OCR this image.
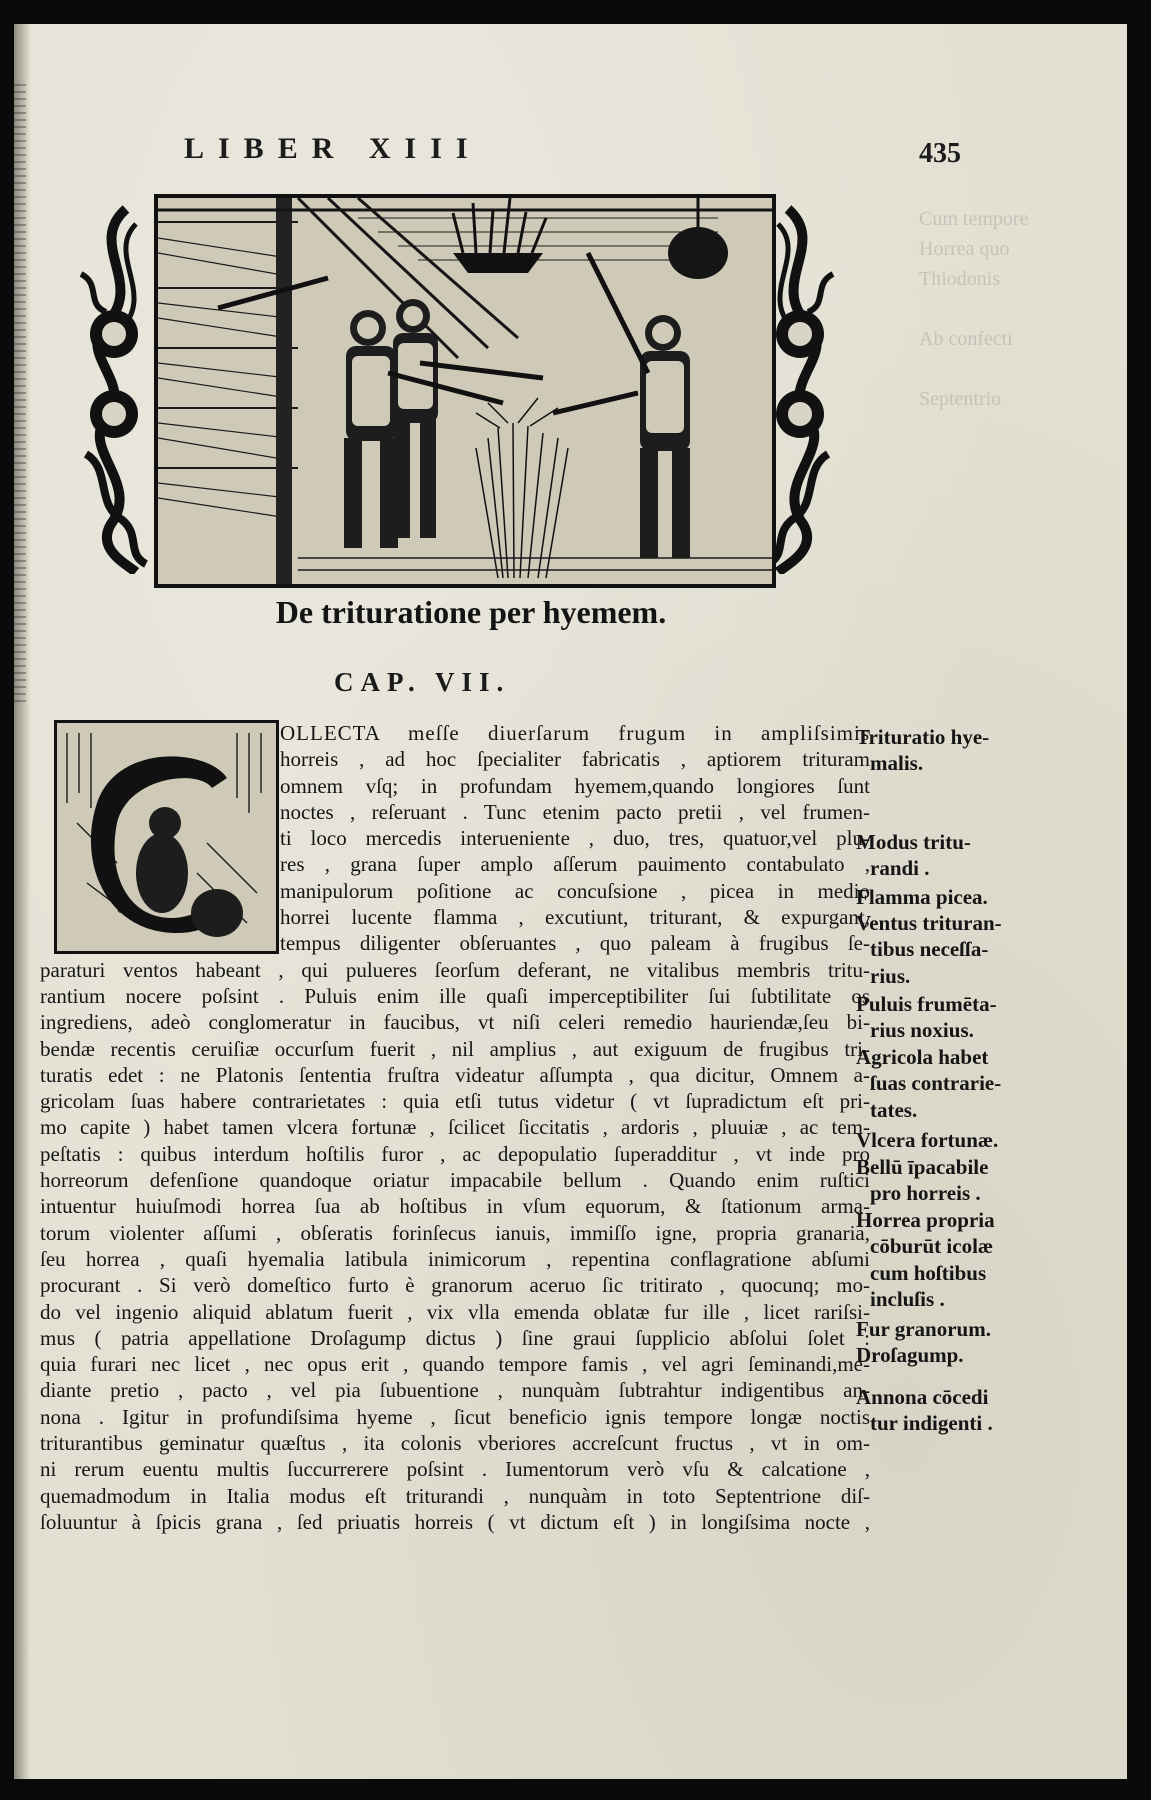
LIBER XIII	435
Cum tempore
Horrea quo
Thiodonis

Ab confecti

Septentrio
De trituratione per hyemem.
CAP. VII.
C
OLLECTA meſſe diuerſarum frugum in ampliſsimis
horreis , ad hoc ſpecialiter fabricatis , aptiorem trituram
omnem vſq; in profundam hyemem,quando longiores ſunt
noctes , reſeruant . Tunc etenim pacto pretii , vel frumen-
ti loco mercedis interueniente , duo, tres, quatuor,vel plu-
res , grana ſuper amplo aſſerum pauimento contabulato ,
manipulorum poſitione ac concuſsione , picea in medio
horrei lucente flamma , excutiunt, triturant, & expurgant,
tempus diligenter obſeruantes , quo paleam à frugibus ſe-
paraturi ventos habeant , qui pulueres ſeorſum deferant, ne vitalibus membris tritu-
rantium nocere poſsint . Puluis enim ille quaſi imperceptibiliter ſui ſubtilitate os
ingrediens, adeò conglomeratur in faucibus, vt niſi celeri remedio hauriendæ,ſeu bi-
bendæ recentis ceruiſiæ occurſum fuerit , nil amplius , aut exiguum de frugibus tri-
turatis edet : ne Platonis ſententia fruſtra videatur aſſumpta , qua dicitur, Omnem a-
gricolam ſuas habere contrarietates : quia etſi tutus videtur ( vt ſupradictum eſt pri-
mo capite ) habet tamen vlcera fortunæ , ſcilicet ſiccitatis , ardoris , pluuiæ , ac tem-
peſtatis : quibus interdum hoſtilis furor , ac depopulatio ſuperadditur , vt inde pro
horreorum defenſione quandoque oriatur impacabile bellum . Quando enim ruſtici
intuentur huiuſmodi horrea ſua ab hoſtibus in vſum equorum, & ſtationum arma-
torum violenter aſſumi , obſeratis forinſecus ianuis, immiſſo igne, propria granaria,
ſeu horrea , quaſi hyemalia latibula inimicorum , repentina conflagratione abſumi
procurant . Si verò domeſtico furto è granorum aceruo ſic tritirato , quocunq; mo-
do vel ingenio aliquid ablatum fuerit , vix vlla emenda oblatæ fur ille , licet rariſsi-
mus ( patria appellatione Droſagump dictus ) ſine graui ſupplicio abſolui ſolet :
quia furari nec licet , nec opus erit , quando tempore famis , vel agri ſeminandi,me-
diante pretio , pacto , vel pia ſubuentione , nunquàm ſubtrahtur indigentibus an-
nona . Igitur in profundiſsima hyeme , ſicut beneficio ignis tempore longæ noctis
triturantibus geminatur quæſtus , ita colonis vberiores accreſcunt fructus , vt in om-
ni rerum euentu multis ſuccurrerere poſsint . Iumentorum verò vſu & calcatione ,
quemadmodum in Italia modus eſt triturandi , nunquàm in toto Septentrione diſ-
ſoluuntur à ſpicis grana , ſed priuatis horreis ( vt dictum eſt ) in longiſsima nocte ,
Trituratio hye-
malis.
Modus tritu-
randi .
Flamma picea.
Ventus trituran-
tibus neceſſa-
rius.
Puluis frumēta-
rius noxius.
Agricola habet
ſuas contrarie-
tates.
Vlcera fortunæ.
Bellū īpacabile
pro horreis .
Horrea propria
cōburūt icolæ
cum hoſtibus
incluſis .
Fur granorum.
Droſagump.
Annona cōcedi
tur indigenti .
